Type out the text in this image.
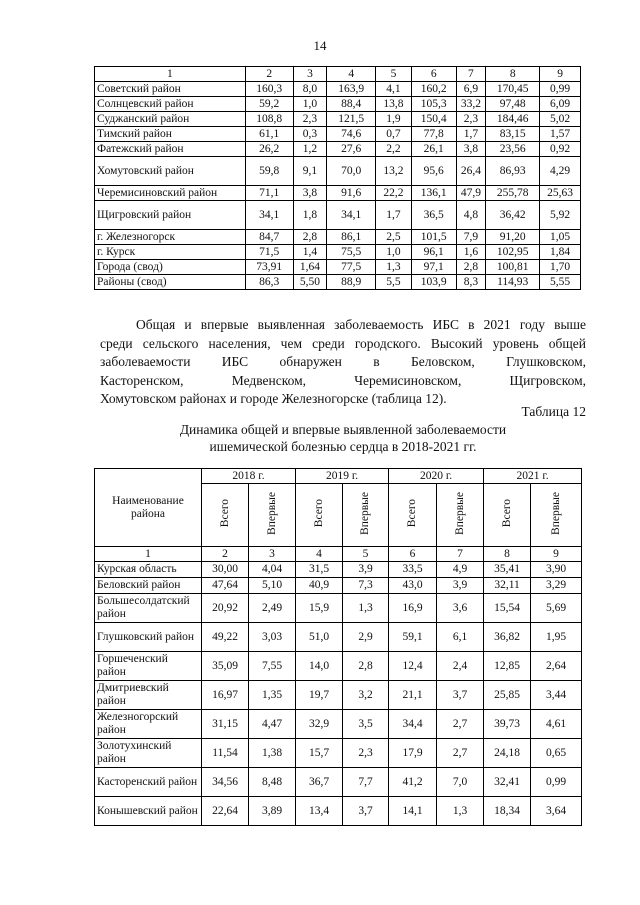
14
1	2	3	4	5	6	7	8	9
Советский район	160,3	8,0	163,9	4,1	160,2	6,9	170,45	0,99
Солнцевский район	59,2	1,0	88,4	13,8	105,3	33,2	97,48	6,09
Суджанский район	108,8	2,3	121,5	1,9	150,4	2,3	184,46	5,02
Тимский район	61,1	0,3	74,6	0,7	77,8	1,7	83,15	1,57
Фатежский район	26,2	1,2	27,6	2,2	26,1	3,8	23,56	0,92
Хомутовский район	59,8	9,1	70,0	13,2	95,6	26,4	86,93	4,29
Черемисиновский район	71,1	3,8	91,6	22,2	136,1	47,9	255,78	25,63
Щигровский район	34,1	1,8	34,1	1,7	36,5	4,8	36,42	5,92
г. Железногорск	84,7	2,8	86,1	2,5	101,5	7,9	91,20	1,05
г. Курск	71,5	1,4	75,5	1,0	96,1	1,6	102,95	1,84
Города (свод)	73,91	1,64	77,5	1,3	97,1	2,8	100,81	1,70
Районы (свод)	86,3	5,50	88,9	5,5	103,9	8,3	114,93	5,55

Общая и впервые выявленная заболеваемость ИБС в 2021 году выше

среди сельского населения, чем среди городского. Высокий уровень общей

заболеваемости ИБС обнаружен в Беловском, Глушковском,

Касторенском, Медвенском, Черемисиновском, Щигровском,

Хомутовском районах и городе Железногорске (таблица 12).

Таблица 12
Динамика общей и впервые выявленной заболеваемости
ишемической болезнью сердца в 2018-2021 гг.
Наименование района	2018 г.		2019 г.		2020 г.		2021 г.	
	Всего	Впервые	Всего	Впервые	Всего	Впервые	Всего	Впервые
1	2	3	4	5	6	7	8	9
Курская область	30,00	4,04	31,5	3,9	33,5	4,9	35,41	3,90
Беловский район	47,64	5,10	40,9	7,3	43,0	3,9	32,11	3,29
Большесолдатский район	20,92	2,49	15,9	1,3	16,9	3,6	15,54	5,69
Глушковский район	49,22	3,03	51,0	2,9	59,1	6,1	36,82	1,95
Горшеченский район	35,09	7,55	14,0	2,8	12,4	2,4	12,85	2,64
Дмитриевский район	16,97	1,35	19,7	3,2	21,1	3,7	25,85	3,44
Железногорский район	31,15	4,47	32,9	3,5	34,4	2,7	39,73	4,61
Золотухинский район	11,54	1,38	15,7	2,3	17,9	2,7	24,18	0,65
Касторенский район	34,56	8,48	36,7	7,7	41,2	7,0	32,41	0,99
Конышевский район	22,64	3,89	13,4	3,7	14,1	1,3	18,34	3,64
